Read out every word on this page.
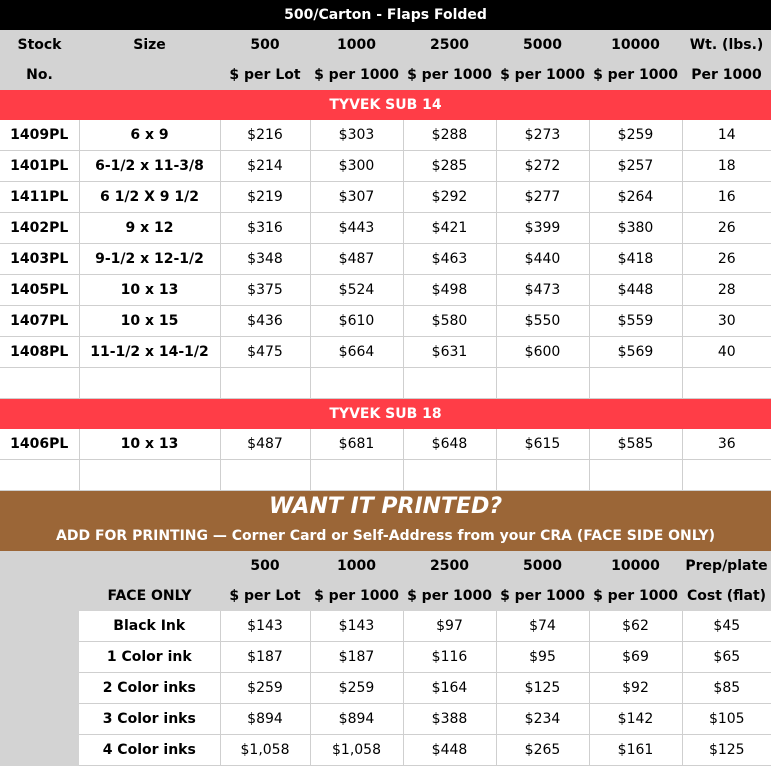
500/Carton - Flaps Folded							
Stock	Size	500	1000	2500	5000	10000	Wt. (lbs.)
No.		$ per Lot	$ per 1000	$ per 1000	$ per 1000	$ per 1000	Per 1000
TYVEK SUB 14							
1409PL	6 x 9	$216	$303	$288	$273	$259	14
1401PL	6-1/2 x 11-3/8	$214	$300	$285	$272	$257	18
1411PL	6 1/2 X 9 1/2	$219	$307	$292	$277	$264	16
1402PL	9 x 12	$316	$443	$421	$399	$380	26
1403PL	9-1/2 x 12-1/2	$348	$487	$463	$440	$418	26
1405PL	10 x 13	$375	$524	$498	$473	$448	28
1407PL	10 x 15	$436	$610	$580	$550	$559	30
1408PL	11-1/2 x 14-1/2	$475	$664	$631	$600	$569	40

TYVEK SUB 18							
1406PL	10 x 13	$487	$681	$648	$615	$585	36

WANT IT PRINTED?							
ADD FOR PRINTING — Corner Card or Self-Address from your CRA (FACE SIDE ONLY)							
		500	1000	2500	5000	10000	Prep/plate
	FACE ONLY	$ per Lot	$ per 1000	$ per 1000	$ per 1000	$ per 1000	Cost (flat)
	Black Ink	$143	$143	$97	$74	$62	$45
	1 Color ink	$187	$187	$116	$95	$69	$65
	2 Color inks	$259	$259	$164	$125	$92	$85
	3 Color inks	$894	$894	$388	$234	$142	$105
	4 Color inks	$1,058	$1,058	$448	$265	$161	$125
